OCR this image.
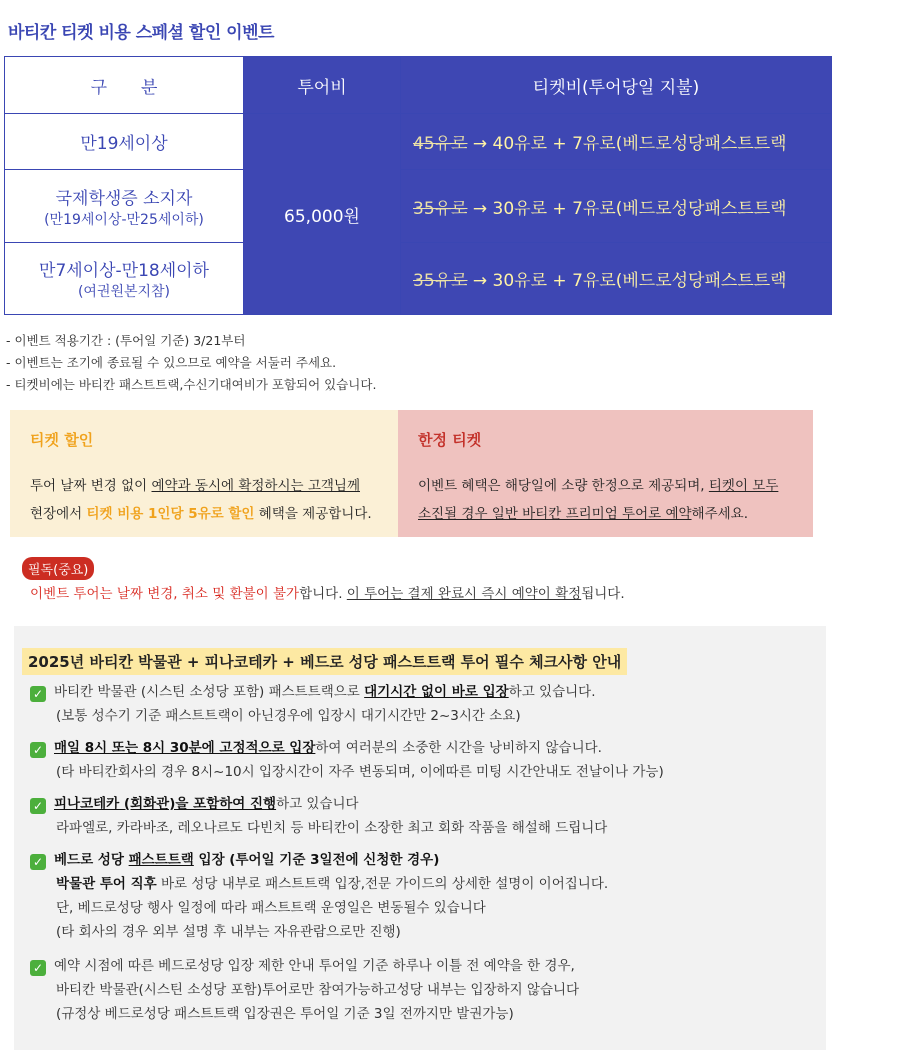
바티칸 티켓 비용 스페셜 할인 이벤트
구　　분	투어비	티켓비(투어당일 지불)
만19세이상	65,000원	45유로 → 40유로 + 7유로(베드로성당패스트트랙

국제학생증 소지자
(만19세이상-만25세이하)		35유로 → 30유로 + 7유로(베드로성당패스트트랙

만7세이상-만18세이하
(여권원본지참)		35유로 → 30유로 + 7유로(베드로성당패스트트랙
- 이벤트 적용기간 : (투어일 기준) 3/21부터
- 이벤트는 조기에 종료될 수 있으므로 예약을 서둘러 주세요.
- 티켓비에는 바티칸 패스트트랙,수신기대여비가 포함되어 있습니다.
티켓 할인
투어 날짜 변경 없이 예약과 동시에 확정하시는 고객님께
현장에서 티켓 비용 1인당 5유로 할인 혜택을 제공합니다.
한정 티켓
이벤트 혜택은 해당일에 소량 한정으로 제공되며, 티켓이 모두
소진될 경우 일반 바티칸 프리미엄 투어로 예약해주세요.
필독(중요)
이벤트 투어는 날짜 변경, 취소 및 환불이 불가합니다. 이 투어는 결제 완료시 즉시 예약이 확정됩니다.
2025년 바티칸 박물관 + 피나코테카 + 베드로 성당 패스트트랙 투어 필수 체크사항 안내
✓ 바티칸 박물관 (시스틴 소성당 포함) 패스트트랙으로 대기시간 없이 바로 입장하고 있습니다.
(보통 성수기 기준 패스트트랙이 아닌경우에 입장시 대기시간만 2~3시간 소요)
✓ 매일 8시 또는 8시 30분에 고정적으로 입장하여 여러분의 소중한 시간을 낭비하지 않습니다.
(타 바티칸회사의 경우 8시~10시 입장시간이 자주 변동되며, 이에따른 미팅 시간안내도 전날이나 가능)
✓ 피나코테카 (회화관)을 포함하여 진행하고 있습니다
라파엘로, 카라바조, 레오나르도 다빈치 등 바티칸이 소장한 최고 회화 작품을 해설해 드립니다
✓ 베드로 성당 패스트트랙 입장 (투어일 기준 3일전에 신청한 경우)
박물관 투어 직후 바로 성당 내부로 패스트트랙 입장,전문 가이드의 상세한 설명이 이어집니다.
단, 베드로성당 행사 일정에 따라 패스트트랙 운영일은 변동될수 있습니다
(타 회사의 경우 외부 설명 후 내부는 자유관람으로만 진행)
✓ 예약 시점에 따른 베드로성당 입장 제한 안내 투어일 기준 하루나 이틀 전 예약을 한 경우,
바티칸 박물관(시스틴 소성당 포함)투어로만 참여가능하고성당 내부는 입장하지 않습니다
(규정상 베드로성당 패스트트랙 입장권은 투어일 기준 3일 전까지만 발권가능)
